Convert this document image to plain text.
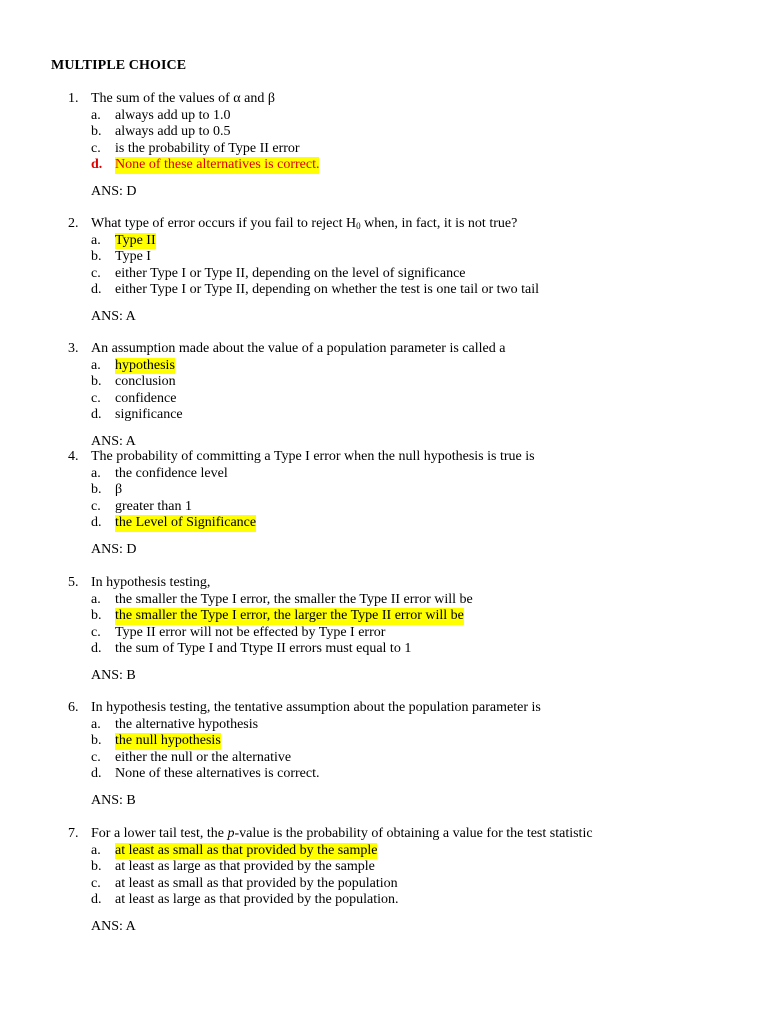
MULTIPLE CHOICE
1. The sum of the values of α and β
a. always add up to 1.0
b. always add up to 0.5
c. is the probability of Type II error
d. None of these alternatives is correct.
ANS: D
2. What type of error occurs if you fail to reject $H_0$ when, in fact, it is not true?
a. Type II
b. Type I
c. either Type I or Type II, depending on the level of significance
d. either Type I or Type II, depending on whether the test is one tail or two tail
ANS: A
3. An assumption made about the value of a population parameter is called a
a. hypothesis
b. conclusion
c. confidence
d. significance
ANS: A
4. The probability of committing a Type I error when the null hypothesis is true is
a. the confidence level
b. β
c. greater than 1
d. the Level of Significance
ANS: D
5. In hypothesis testing,
a. the smaller the Type I error, the smaller the Type II error will be
b. the smaller the Type I error, the larger the Type II error will be
c. Type II error will not be effected by Type I error
d. the sum of Type I and Ttype II errors must equal to 1
ANS: B
6. In hypothesis testing, the tentative assumption about the population parameter is
a. the alternative hypothesis
b. the null hypothesis
c. either the null or the alternative
d. None of these alternatives is correct.
ANS: B
7. For a lower tail test, the p-value is the probability of obtaining a value for the test statistic
a. at least as small as that provided by the sample
b. at least as large as that provided by the sample
c. at least as small as that provided by the population
d. at least as large as that provided by the population.
ANS: A
